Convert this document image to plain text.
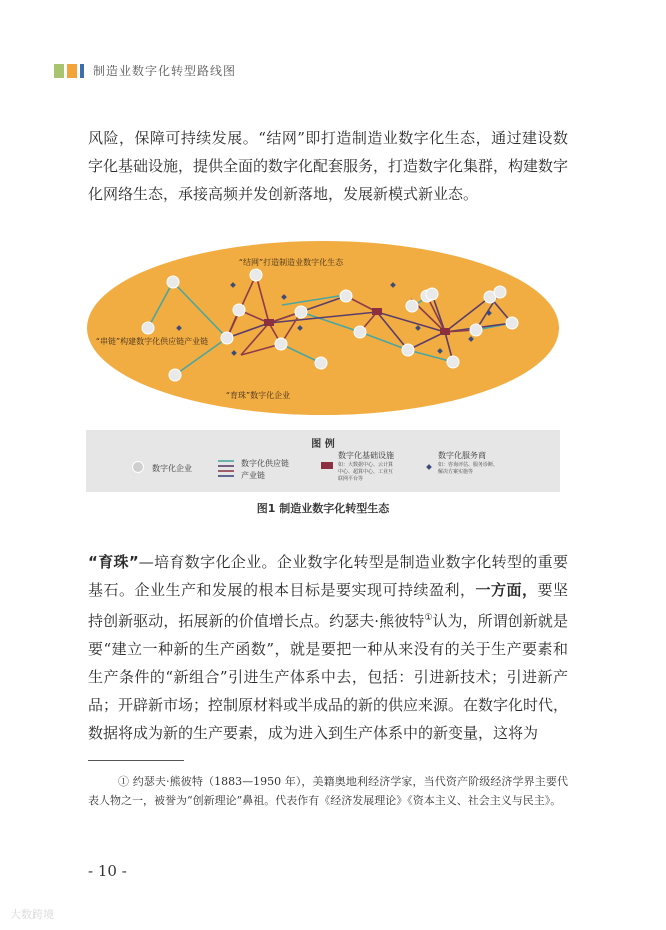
制造业数字化转型路线图
风险，保障可持续发展。“结网”即打造制造业数字化生态，通过建设数字化基础设施，提供全面的数字化配套服务，打造数字化集群，构建数字化网络生态，承接高频并发创新落地，发展新模式新业态。
“结网”打造制造业数字化生态
“串链”构建数字化供应链产业链
“育珠”数字化企业
图 例
数字化企业
数字化供应链
产业链
数字化基础设施
如：大数据中心、云计算
中心、超算中心、工业互
联网平台等
数字化服务商
如：咨询评估、服务诊断、
解决方案实施等
图1 制造业数字化转型生态
“育珠”—培育数字化企业。企业数字化转型是制造业数字化转型的重要基石。企业生产和发展的根本目标是要实现可持续盈利，一方面，要坚持创新驱动，拓展新的价值增长点。约瑟夫·熊彼特①认为，所谓创新就是要“建立一种新的生产函数”，就是要把一种从来没有的关于生产要素和生产条件的“新组合”引进生产体系中去，包括：引进新技术；引进新产品；开辟新市场；控制原材料或半成品的新的供应来源。在数字化时代，数据将成为新的生产要素，成为进入到生产体系中的新变量，这将为
① 约瑟夫·熊彼特（1883—1950 年），美籍奥地利经济学家，当代资产阶级经济学界主要代表人物之一，被誉为“创新理论”鼻祖。代表作有《经济发展理论》《资本主义、社会主义与民主》。
- 10 -
大数跨境
